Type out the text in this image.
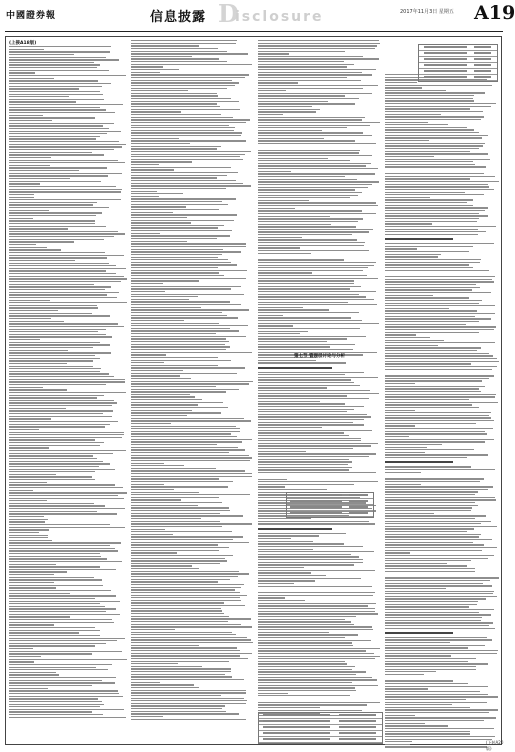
中國證券報	信息披露 D
isclosure	2017年11月3日 星期五 A19
(上接A18版)
第七节 管理层讨论与分析
(下转A20版)
